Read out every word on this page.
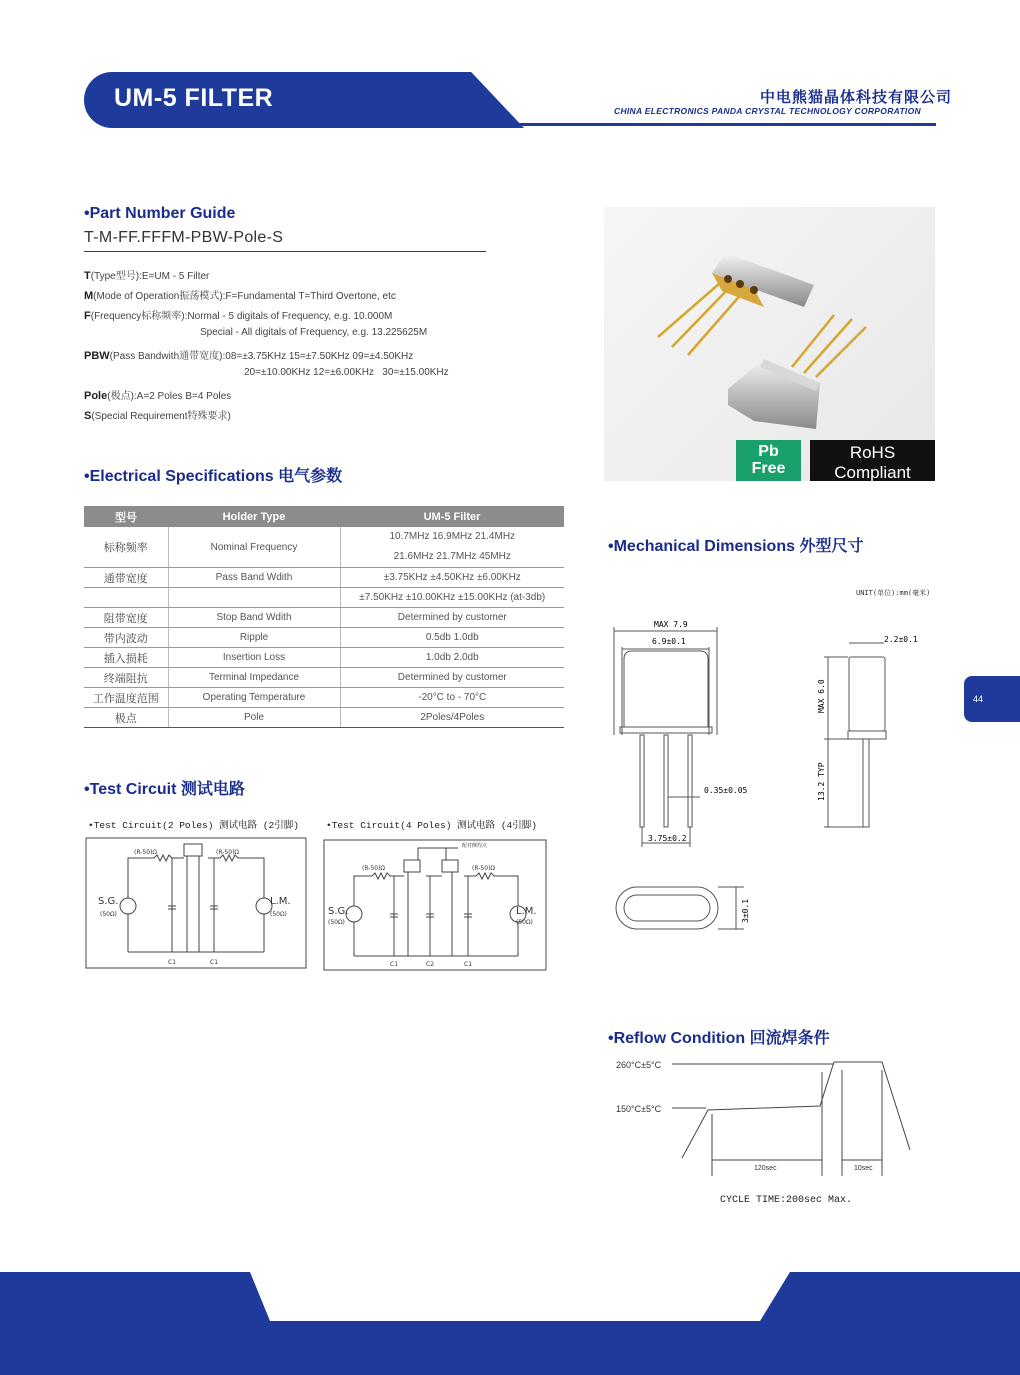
UM-5 FILTER	中电熊猫晶体科技有限公司
CHINA ELECTRONICS PANDA CRYSTAL TECHNOLOGY CORPORATION
•Part Number Guide
T-M-FF.FFFM-PBW-Pole-S
T(Type型号):E=UM - 5 Filter
M(Mode of Operation振荡模式):F=Fundamental T=Third Overtone, etc
F(Frequency标称频率):Normal - 5 digitals of Frequency, e.g. 10.000M
Special - All digitals of Frequency, e.g. 13.225625M
PBW(Pass Bandwith通带宽度):08=±3.75KHz 15=±7.50KHz 09=±4.50KHz
20=±10.00KHz 12=±6.00KHz   30=±15.00KHz
Pole(极点):A=2 Poles B=4 Poles
S(Special Requirement特殊要求)
Pb
Free
RoHS Compliant
Directive 2002/95/EC
•Electrical Specifications 电气参数
型号	Holder Type	UM-5 Filter
标称频率	Nominal Frequency	10.7MHz 16.9MHz 21.4MHz
21.6MHz 21.7MHz 45MHz

通带宽度	Pass Band Wdith	±3.75KHz ±4.50KHz ±6.00KHz
		±7.50KHz ±10.00KHz ±15.00KHz (at-3db)
阻带宽度	Stop Band Wdith	Determined by customer
带内波动	Ripple	0.5db 1.0db
插入损耗	Insertion Loss	1.0db 2.0db
终端阻抗	Terminal Impedance	Determined by customer
工作温度范围	Operating Temperature	-20°C to - 70°C
极点	Pole	2Poles/4Poles
•Mechanical Dimensions 外型尺寸
UNIT(单位):mm(毫米)
MAX 7.9
6.9±0.1
0.35±0.05
3.75±0.2
2.2±0.1
MAX 6.0
13.2 TYP
3±0.1
44
•Test Circuit 测试电路
•Test Circuit(2 Poles) 测试电路 (2引脚)	•Test Circuit(4 Poles) 测试电路 (4引脚)
(R-50)Ω	(R-50)Ω
S.G.
(50Ω)
L.M.
(50Ω)
C1	C1
配对侧焊点
(R-50)Ω	(R-50)Ω
S.G.
(50Ω)
L.M.
(50Ω)
C1	C2	C1
•Reflow Condition 回流焊条件
260°C±5°C
150°C±5°C
120sec	10sec
CYCLE TIME:200sec Max.
